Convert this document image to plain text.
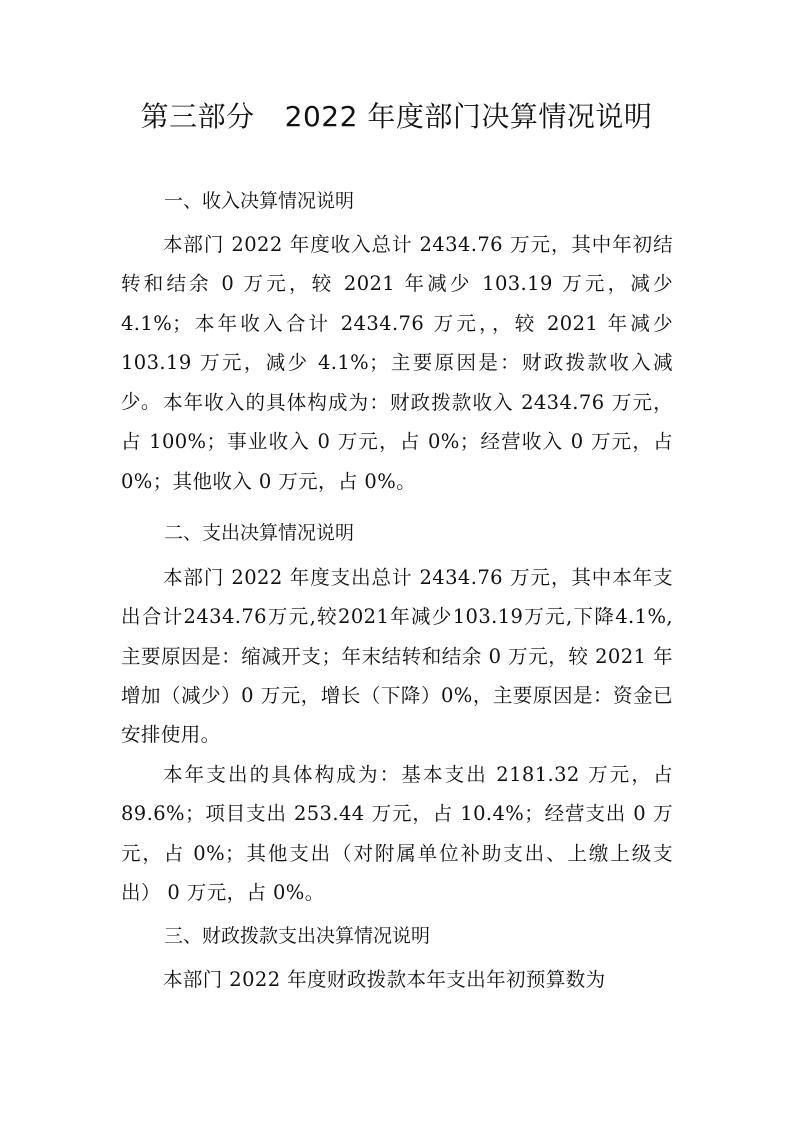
第三部分 2022 年度部门决算情况说明
一、收入决算情况说明

本部门 2022 年度收入总计 2434.76 万元，其中年初结转和结余 0 万元，较 2021 年减少 103.19 万元，减少 4.1%；本年收入合计 2434.76 万元，，较 2021 年减少 103.19 万元，减少 4.1%；主要原因是：财政拨款收入减少。 本年收入的具体构成为：财政拨款收入 2434.76 万元，占 100%；事业收入 0 万元，占 0%；经营收入 0 万元，占 0%；其他收入 0 万元，占 0%。

二、支出决算情况说明

本部门 2022 年度支出总计 2434.76 万元，其中本年支出合计2434.76万元,较2021年减少103.19万元,下降4.1%,主要原因是：缩减开支；年末结转和结余 0 万元，较 2021 年增加（减少）0 万元，增长（下降）0%，主要原因是：资金已安排使用。

本年支出的具体构成为：基本支出 2181.32 万元，占 89.6%；项目支出 253.44 万元，占 10.4%；经营支出 0 万元，占 0%；其他支出（对附属单位补助支出、上缴上级支出） 0 万元，占 0%。

三、财政拨款支出决算情况说明

本部门 2022 年度财政拨款本年支出年初预算数为
